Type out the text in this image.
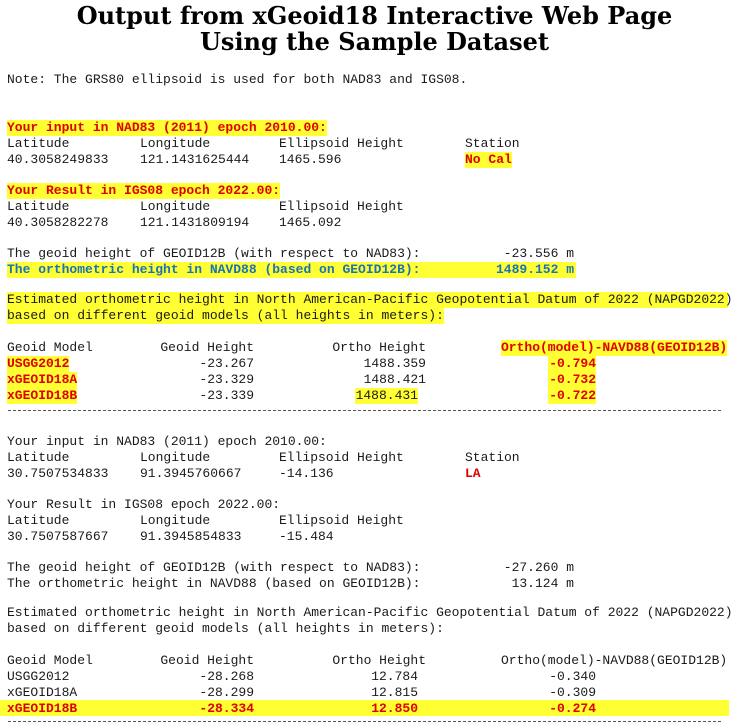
Output from xGeoid18 Interactive Web Page
Using the Sample Dataset
Note: The GRS80 ellipsoid is used for both NAD83 and IGS08.
Your input in NAD83 (2011) epoch 2010.00:
Latitude	Longitude	Ellipsoid Height	Station
40.3058249833 121.1431625444 1465.596	No Cal
Your Result in IGS08 epoch 2022.00:
Latitude	Longitude	Ellipsoid Height
40.3058282278 121.1431809194 1465.092
The geoid height of GEOID12B (with respect to NAD83):	-23.556 m
The orthometric height in NAVD88 (based on GEOID12B):	1489.152 m
Estimated orthometric height in North American-Pacific Geopotential Datum of 2022 (NAPGD2022)
based on different geoid models (all heights in meters):
Geoid Model	Geoid Height	Ortho Height	Ortho(model)-NAVD88(GEOID12B)
USGG2012	-23.267	1488.359	-0.794
xGEOID18A	-23.329	1488.421	-0.732
xGEOID18B	-23.339	1488.431	-0.722
Your input in NAD83 (2011) epoch 2010.00:
Latitude	Longitude	Ellipsoid Height	Station
30.7507534833 91.3945760667	-14.136	LA
Your Result in IGS08 epoch 2022.00:
Latitude	Longitude	Ellipsoid Height
30.7507587667 91.3945854833	-15.484
The geoid height of GEOID12B (with respect to NAD83):	-27.260 m
The orthometric height in NAVD88 (based on GEOID12B):	13.124 m
Estimated orthometric height in North American-Pacific Geopotential Datum of 2022 (NAPGD2022)
based on different geoid models (all heights in meters):
Geoid Model	Geoid Height	Ortho Height	Ortho(model)-NAVD88(GEOID12B)
USGG2012	-28.268	12.784	-0.340
xGEOID18A	-28.299	12.815	-0.309
xGEOID18B	-28.334	12.850	-0.274
